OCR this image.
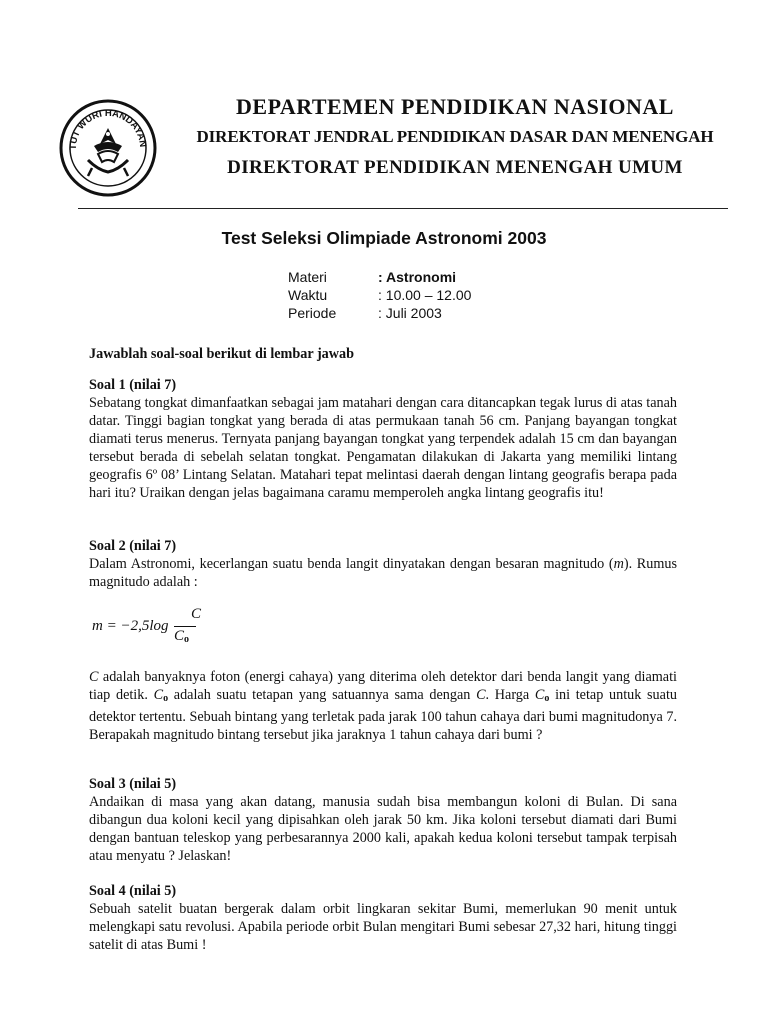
TUT WURI HANDAYAN
DEPARTEMEN PENDIDIKAN NASIONAL
DIREKTORAT JENDRAL PENDIDIKAN DASAR DAN MENENGAH
DIREKTORAT PENDIDIKAN MENENGAH UMUM
Test Seleksi Olimpiade Astronomi 2003
Materi	: Astronomi
Waktu	: 10.00 – 12.00
Periode	: Juli 2003
Jawablah soal-soal berikut di lembar jawab
Soal 1 (nilai 7)

Sebatang tongkat dimanfaatkan sebagai jam matahari dengan cara ditancapkan tegak lurus di atas tanah datar. Tinggi bagian tongkat yang berada di atas permukaan tanah 56 cm. Panjang bayangan tongkat diamati terus menerus. Ternyata panjang bayangan tongkat yang terpendek adalah 15 cm dan bayangan tersebut berada di sebelah selatan tongkat. Pengamatan dilakukan di Jakarta yang memiliki lintang geografis 6º 08’ Lintang Selatan. Matahari tepat melintasi daerah dengan lintang geografis berapa pada hari itu? Uraikan dengan jelas bagaimana caramu memperoleh angka lintang geografis itu!

Soal 2 (nilai 7)

Dalam Astronomi, kecerlangan suatu benda langit dinyatakan dengan besaran magnitudo (m). Rumus magnitudo adalah :

m = −2,5log
C
Co

C adalah banyaknya foton (energi cahaya) yang diterima oleh detektor dari benda langit yang diamati tiap detik. Co adalah suatu tetapan yang satuannya sama dengan C. Harga Co ini tetap untuk suatu detektor tertentu. Sebuah bintang yang terletak pada jarak 100 tahun cahaya dari bumi magnitudonya 7. Berapakah magnitudo bintang tersebut jika jaraknya 1 tahun cahaya dari bumi ?

Soal 3 (nilai 5)

Andaikan di masa yang akan datang, manusia sudah bisa membangun koloni di Bulan. Di sana dibangun dua koloni kecil yang dipisahkan oleh jarak 50 km. Jika koloni tersebut diamati dari Bumi dengan bantuan teleskop yang perbesarannya 2000 kali, apakah kedua koloni tersebut tampak terpisah atau menyatu ? Jelaskan!

Soal 4 (nilai 5)

Sebuah satelit buatan bergerak dalam orbit lingkaran sekitar Bumi, memerlukan 90 menit untuk melengkapi satu revolusi. Apabila periode orbit Bulan mengitari Bumi sebesar 27,32 hari, hitung tinggi satelit di atas Bumi !
